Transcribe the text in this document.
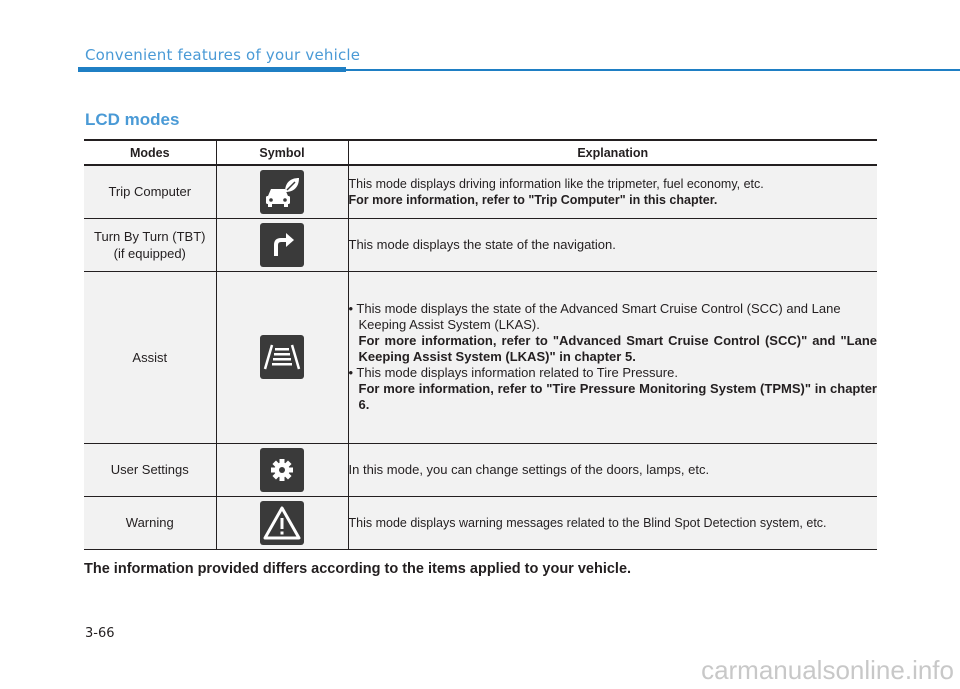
Convenient features of your vehicle
LCD modes
Modes	Symbol	Explanation
Trip Computer		This mode displays driving information like the tripmeter, fuel economy, etc.
For more information, refer to "Trip Computer" in this chapter.

Turn By Turn (TBT)
(if equipped)		This mode displays the state of the navigation.
Assist		• This mode displays the state of the Advanced Smart Cruise Control (SCC) and Lane
Keeping Assist System (LKAS).
For more information, refer to "Advanced Smart Cruise Control (SCC)" and "Lane Keeping Assist System (LKAS)" in chapter 5.
• This mode displays information related to Tire Pressure.
For more information, refer to "Tire Pressure Monitoring System (TPMS)" in chapter 6.

User Settings		In this mode, you can change settings of the doors, lamps, etc.
Warning		This mode displays warning messages related to the Blind Spot Detection system, etc.
The information provided differs according to the items applied to your vehicle.
3-66
carmanualsonline.info
